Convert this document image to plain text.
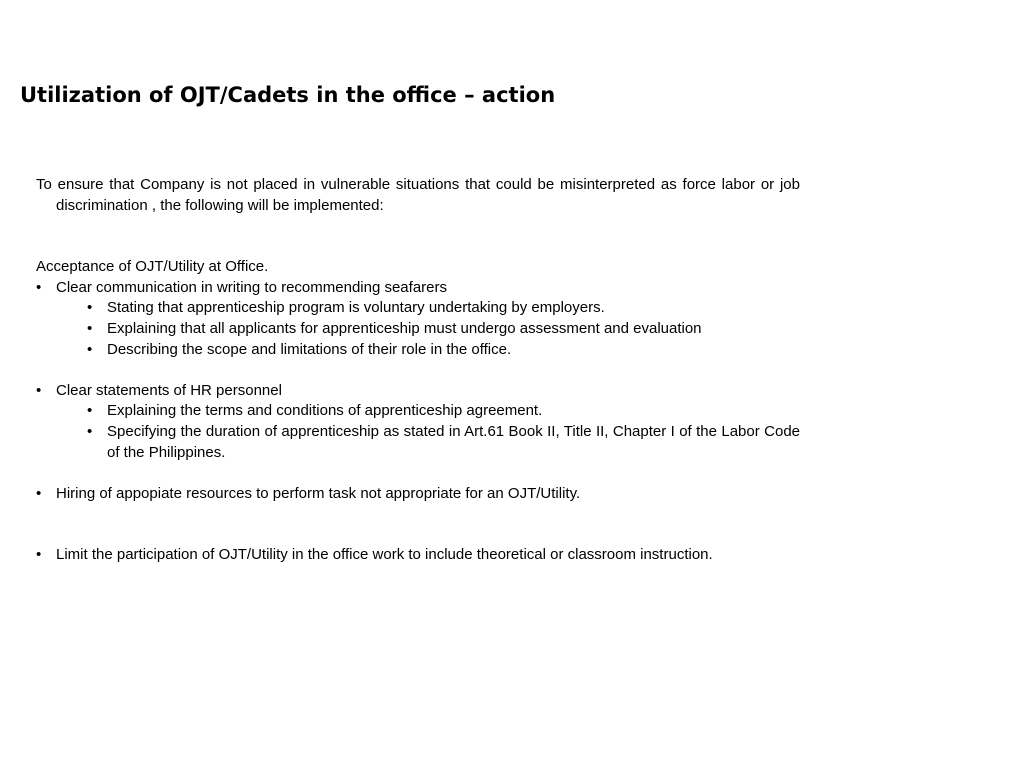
Utilization of OJT/Cadets in the office – action

To ensure that Company is not placed in vulnerable situations that could be misinterpreted as force labor or job discrimination , the following will be implemented:

Acceptance of OJT/Utility at Office.

• Clear communication in writing to recommending seafarers
• Stating that apprenticeship program is voluntary undertaking by employers.
• Explaining that all applicants for apprenticeship must undergo assessment and evaluation
• Describing the scope and limitations of their role in the office.
• Clear statements of HR personnel
• Explaining the terms and conditions of apprenticeship agreement.
• Specifying the duration of apprenticeship as stated in Art.61 Book II, Title II, Chapter I of the Labor Code of the Philippines.
• Hiring of appopiate resources to perform task not appropriate for an OJT/Utility.
• Limit the participation of OJT/Utility in the office work to include theoretical or classroom instruction.
